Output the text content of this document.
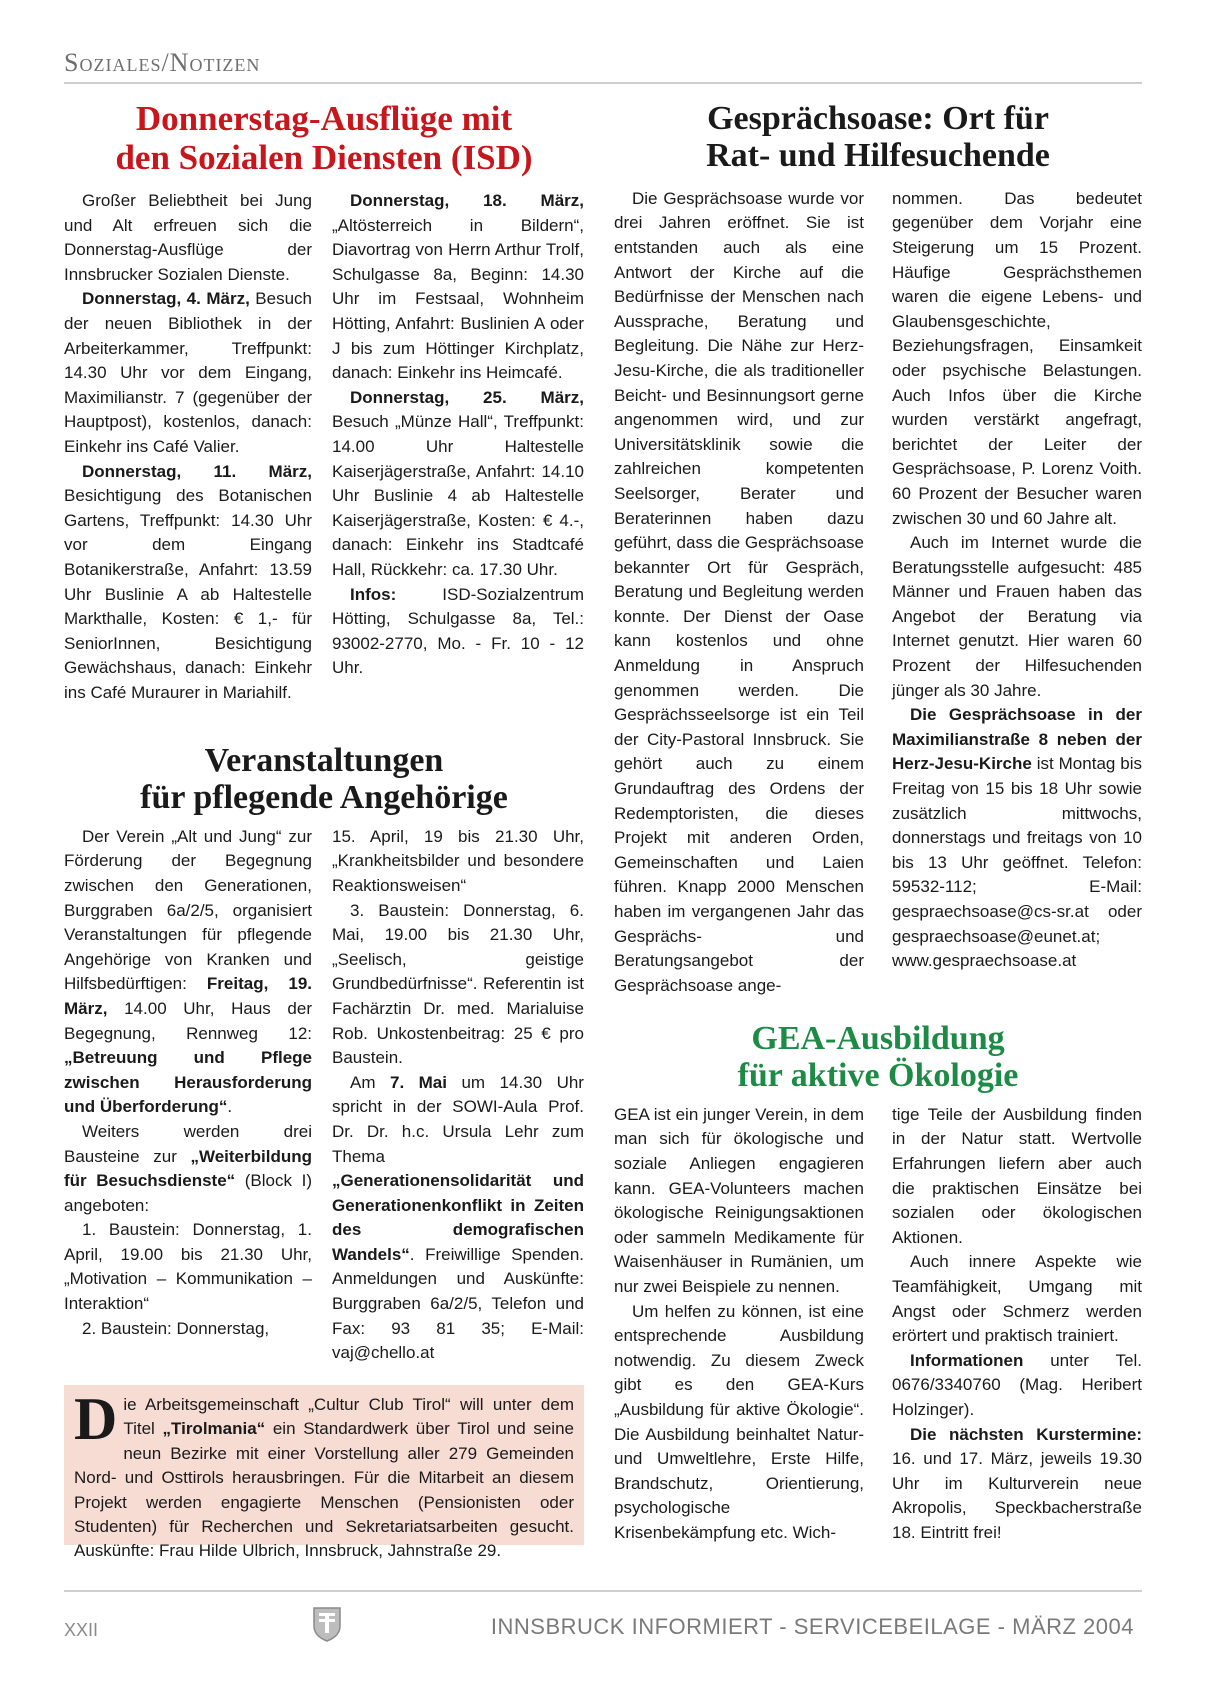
Soziales/Notizen
Donnerstag-Ausflüge mit
den Sozialen Diensten (ISD)

Großer Beliebtheit bei Jung und Alt erfreuen sich die Donnerstag-Ausflüge der Innsbrucker Sozialen Dienste.

Donnerstag, 4. März, Besuch der neuen Bibliothek in der Arbeiterkammer, Treffpunkt: 14.30 Uhr vor dem Eingang, Maximilianstr. 7 (gegenüber der Hauptpost), kostenlos, danach: Einkehr ins Café Valier.

Donnerstag, 11. März, Besichtigung des Botanischen Gartens, Treffpunkt: 14.30 Uhr vor dem Eingang Botanikerstraße, Anfahrt: 13.59 Uhr Buslinie A ab Haltestelle Markthalle, Kosten: € 1,- für SeniorInnen, Besichtigung Gewächshaus, danach: Einkehr ins Café Muraurer in Mariahilf.

Donnerstag, 18. März, „Altösterreich in Bildern“, Diavortrag von Herrn Arthur Trolf, Schulgasse 8a, Beginn: 14.30 Uhr im Festsaal, Wohnheim Hötting, Anfahrt: Buslinien A oder J bis zum Höttinger Kirchplatz, danach: Einkehr ins Heimcafé.

Donnerstag, 25. März, Besuch „Münze Hall“, Treffpunkt: 14.00 Uhr Haltestelle Kaiserjägerstraße, Anfahrt: 14.10 Uhr Buslinie 4 ab Haltestelle Kaiserjägerstraße, Kosten: € 4.-, danach: Einkehr ins Stadtcafé Hall, Rückkehr: ca. 17.30 Uhr.

Infos: ISD-Sozialzentrum Hötting, Schulgasse 8a, Tel.: 93002-2770, Mo. - Fr. 10 - 12 Uhr.

Veranstaltungen
für pflegende Angehörige

Der Verein „Alt und Jung“ zur Förderung der Begegnung zwischen den Generationen, Burggraben 6a/2/5, organisiert Veranstaltungen für pflegende Angehörige von Kranken und Hilfsbedürftigen: Freitag, 19. März, 14.00 Uhr, Haus der Begegnung, Rennweg 12: „Betreuung und Pflege zwischen Herausforderung und Überforderung“.

Weiters werden drei Bausteine zur „Weiterbildung für Besuchsdienste“ (Block I) angeboten:

1. Baustein: Donnerstag, 1. April, 19.00 bis 21.30 Uhr, „Motivation – Kommunikation – Interaktion“

2. Baustein: Donnerstag,

15. April, 19 bis 21.30 Uhr, „Krankheitsbilder und besondere Reaktionsweisen“

3. Baustein: Donnerstag, 6. Mai, 19.00 bis 21.30 Uhr, „Seelisch, geistige Grundbedürfnisse“. Referentin ist Fachärztin Dr. med. Marialuise Rob. Unkostenbeitrag: 25 € pro Baustein.

Am 7. Mai um 14.30 Uhr spricht in der SOWI-Aula Prof. Dr. Dr. h.c. Ursula Lehr zum Thema „Generationensolidarität und Generationenkonflikt in Zeiten des demografischen Wandels“. Freiwillige Spenden. Anmeldungen und Auskünfte: Burggraben 6a/2/5, Telefon und Fax: 93 81 35; E-Mail: vaj@chello.at

Die Arbeitsgemeinschaft „Cultur Club Tirol“ will unter dem Titel „Tirolmania“ ein Standardwerk über Tirol und seine neun Bezirke mit einer Vorstellung aller 279 Gemeinden Nord- und Osttirols herausbringen. Für die Mitarbeit an diesem Projekt werden engagierte Menschen (Pensionisten oder Studenten) für Recherchen und Sekretariatsarbeiten gesucht. Auskünfte: Frau Hilde Ulbrich, Innsbruck, Jahnstraße 29.
Gesprächsoase: Ort für
Rat- und Hilfesuchende

Die Gesprächsoase wurde vor drei Jahren eröffnet. Sie ist entstanden auch als eine Antwort der Kirche auf die Bedürfnisse der Menschen nach Aussprache, Beratung und Begleitung. Die Nähe zur Herz-Jesu-Kirche, die als traditioneller Beicht- und Besinnungsort gerne angenommen wird, und zur Universitätsklinik sowie die zahlreichen kompetenten Seelsorger, Berater und Beraterinnen haben dazu geführt, dass die Gesprächsoase bekannter Ort für Gespräch, Beratung und Begleitung werden konnte. Der Dienst der Oase kann kostenlos und ohne Anmeldung in Anspruch genommen werden. Die Gesprächsseelsorge ist ein Teil der City-Pastoral Innsbruck. Sie gehört auch zu einem Grundauftrag des Ordens der Redemptoristen, die dieses Projekt mit anderen Orden, Gemeinschaften und Laien führen. Knapp 2000 Menschen haben im vergangenen Jahr das Gesprächs- und Beratungsangebot der Gesprächsoase ange-

nommen. Das bedeutet gegenüber dem Vorjahr eine Steigerung um 15 Prozent. Häufige Gesprächsthemen waren die eigene Lebens- und Glaubensgeschichte, Beziehungsfragen, Einsamkeit oder psychische Belastungen. Auch Infos über die Kirche wurden verstärkt angefragt, berichtet der Leiter der Gesprächsoase, P. Lorenz Voith. 60 Prozent der Besucher waren zwischen 30 und 60 Jahre alt.

Auch im Internet wurde die Beratungsstelle aufgesucht: 485 Männer und Frauen haben das Angebot der Beratung via Internet genutzt. Hier waren 60 Prozent der Hilfesuchenden jünger als 30 Jahre.

Die Gesprächsoase in der Maximilianstraße 8 neben der Herz-Jesu-Kirche ist Montag bis Freitag von 15 bis 18 Uhr sowie zusätzlich mittwochs, donnerstags und freitags von 10 bis 13 Uhr geöffnet. Telefon: 59532-112; E-Mail: gespraechsoase@cs-sr.at oder gespraechsoase@eunet.at; www.gespraechsoase.at

GEA-Ausbildung
für aktive Ökologie

GEA ist ein junger Verein, in dem man sich für ökologische und soziale Anliegen engagieren kann. GEA-Volunteers machen ökologische Reinigungsaktionen oder sammeln Medikamente für Waisenhäuser in Rumänien, um nur zwei Beispiele zu nennen.

Um helfen zu können, ist eine entsprechende Ausbildung notwendig. Zu diesem Zweck gibt es den GEA-Kurs „Ausbildung für aktive Ökologie“. Die Ausbildung beinhaltet Natur- und Umweltlehre, Erste Hilfe, Brandschutz, Orientierung, psychologische Krisenbekämpfung etc. Wich-

tige Teile der Ausbildung finden in der Natur statt. Wertvolle Erfahrungen liefern aber auch die praktischen Einsätze bei sozialen oder ökologischen Aktionen.

Auch innere Aspekte wie Teamfähigkeit, Umgang mit Angst oder Schmerz werden erörtert und praktisch trainiert.

Informationen unter Tel. 0676/3340760 (Mag. Heribert Holzinger).

Die nächsten Kurstermine: 16. und 17. März, jeweils 19.30 Uhr im Kulturverein neue Akropolis, Speckbacherstraße 18. Eintritt frei!

XXII	INNSBRUCK INFORMIERT - SERVICEBEILAGE - MÄRZ 2004
